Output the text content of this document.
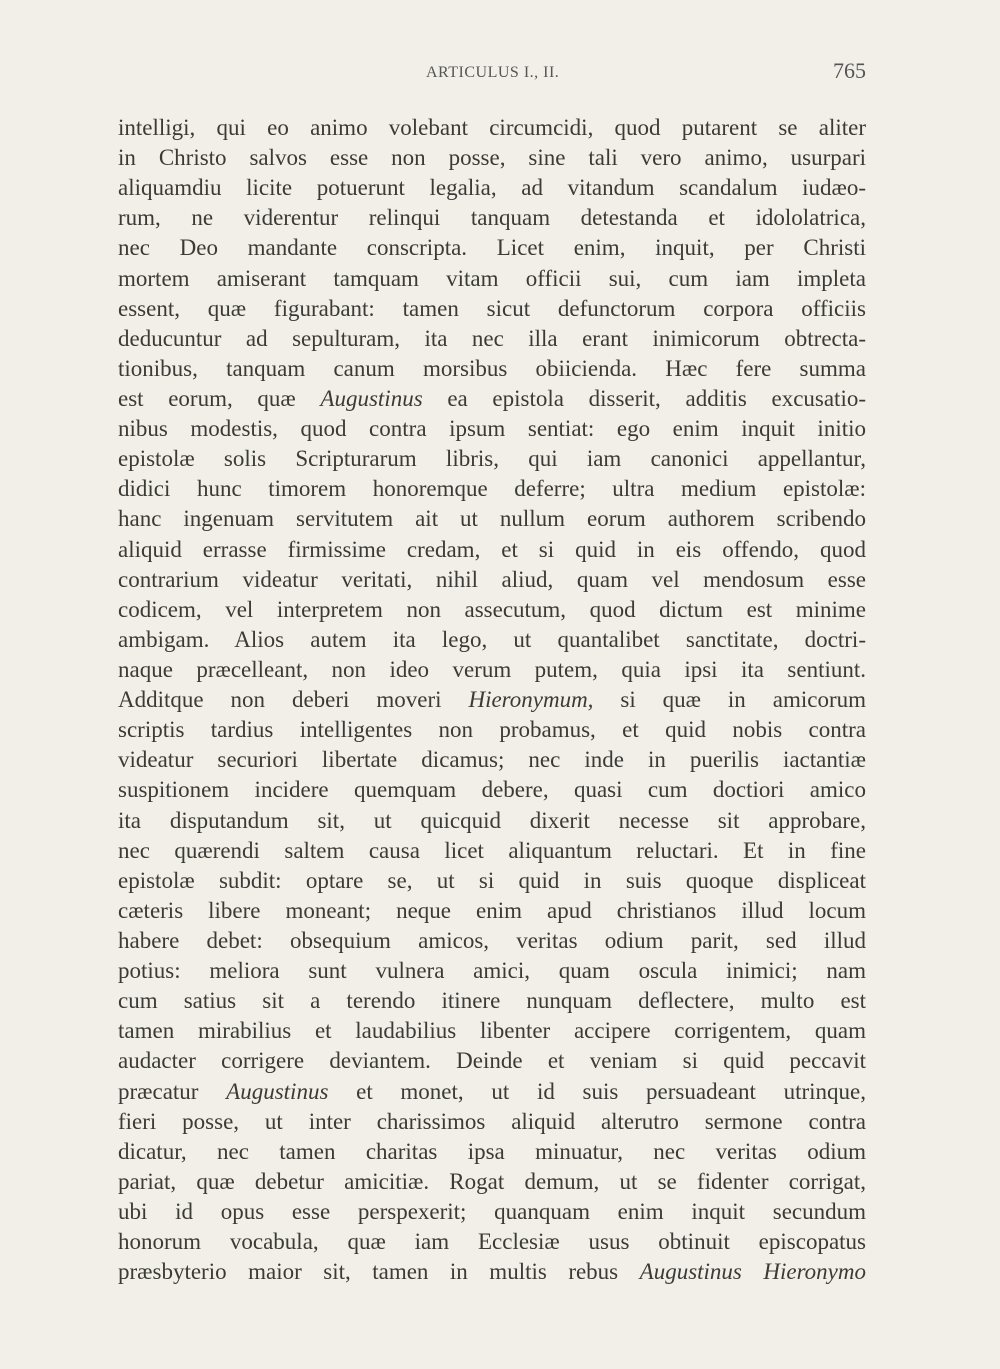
ARTICULUS I., II.	765
intelligi, qui eo animo volebant circumcidi, quod putarent se aliter
in Christo salvos esse non posse, sine tali vero animo, usurpari
aliquamdiu licite potuerunt legalia, ad vitandum scandalum iudæo-
rum, ne viderentur relinqui tanquam detestanda et idololatrica,
nec Deo mandante conscripta. Licet enim, inquit, per Christi
mortem amiserant tamquam vitam officii sui, cum iam impleta
essent, quæ figurabant: tamen sicut defunctorum corpora officiis
deducuntur ad sepulturam, ita nec illa erant inimicorum obtrecta-
tionibus, tanquam canum morsibus obiicienda. Hæc fere summa
est eorum, quæ Augustinus ea epistola disserit, additis excusatio-
nibus modestis, quod contra ipsum sentiat: ego enim inquit initio
epistolæ solis Scripturarum libris, qui iam canonici appellantur,
didici hunc timorem honoremque deferre; ultra medium epistolæ:
hanc ingenuam servitutem ait ut nullum eorum authorem scribendo
aliquid errasse firmissime credam, et si quid in eis offendo, quod
contrarium videatur veritati, nihil aliud, quam vel mendosum esse
codicem, vel interpretem non assecutum, quod dictum est minime
ambigam. Alios autem ita lego, ut quantalibet sanctitate, doctri-
naque præcelleant, non ideo verum putem, quia ipsi ita sentiunt.
Additque non deberi moveri Hieronymum, si quæ in amicorum
scriptis tardius intelligentes non probamus, et quid nobis contra
videatur securiori libertate dicamus; nec inde in puerilis iactantiæ
suspitionem incidere quemquam debere, quasi cum doctiori amico
ita disputandum sit, ut quicquid dixerit necesse sit approbare,
nec quærendi saltem causa licet aliquantum reluctari. Et in fine
epistolæ subdit: optare se, ut si quid in suis quoque displiceat
cæteris libere moneant; neque enim apud christianos illud locum
habere debet: obsequium amicos, veritas odium parit, sed illud
potius: meliora sunt vulnera amici, quam oscula inimici; nam
cum satius sit a terendo itinere nunquam deflectere, multo est
tamen mirabilius et laudabilius libenter accipere corrigentem, quam
audacter corrigere deviantem. Deinde et veniam si quid peccavit
præcatur Augustinus et monet, ut id suis persuadeant utrinque,
fieri posse, ut inter charissimos aliquid alterutro sermone contra
dicatur, nec tamen charitas ipsa minuatur, nec veritas odium
pariat, quæ debetur amicitiæ. Rogat demum, ut se fidenter corrigat,
ubi id opus esse perspexerit; quanquam enim inquit secundum
honorum vocabula, quæ iam Ecclesiæ usus obtinuit episcopatus
præsbyterio maior sit, tamen in multis rebus Augustinus Hieronymo
